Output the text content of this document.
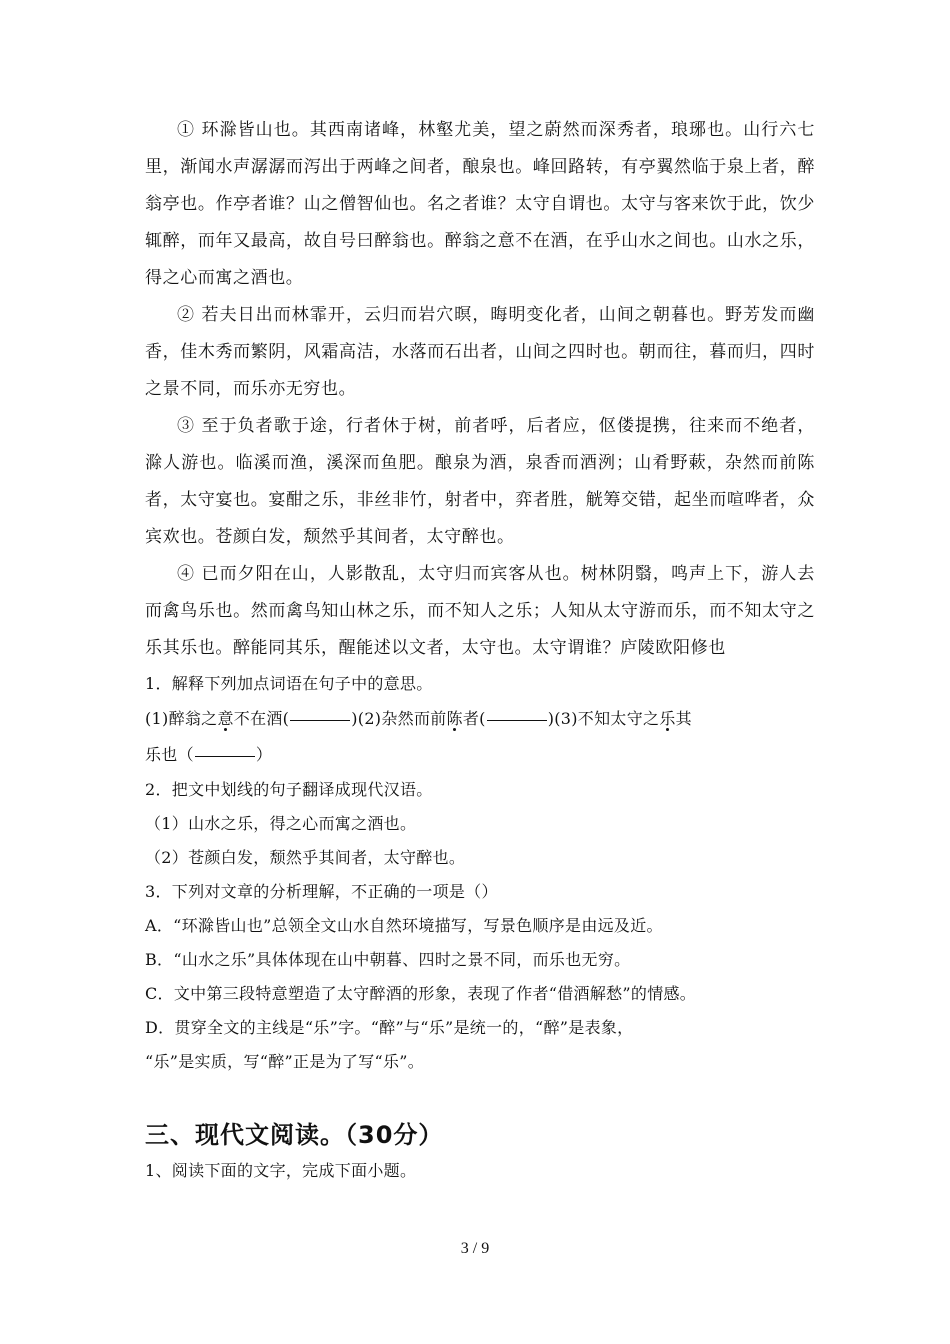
① 环滁皆山也。其西南诸峰，林壑尤美，望之蔚然而深秀者，琅琊也。山行六七里，渐闻水声潺潺而泻出于两峰之间者，酿泉也。峰回路转，有亭翼然临于泉上者，醉翁亭也。作亭者谁？山之僧智仙也。名之者谁？太守自谓也。太守与客来饮于此，饮少辄醉，而年又最高，故自号曰醉翁也。醉翁之意不在酒，在乎山水之间也。山水之乐，得之心而寓之酒也。

② 若夫日出而林霏开，云归而岩穴暝，晦明变化者，山间之朝暮也。野芳发而幽香，佳木秀而繁阴，风霜高洁，水落而石出者，山间之四时也。朝而往，暮而归，四时之景不同，而乐亦无穷也。

③ 至于负者歌于途，行者休于树，前者呼，后者应，伛偻提携，往来而不绝者，滁人游也。临溪而渔，溪深而鱼肥。酿泉为酒，泉香而酒洌；山肴野蔌，杂然而前陈者，太守宴也。宴酣之乐，非丝非竹，射者中，弈者胜，觥筹交错，起坐而喧哗者，众宾欢也。苍颜白发，颓然乎其间者，太守醉也。

④ 已而夕阳在山，人影散乱，太守归而宾客从也。树林阴翳，鸣声上下，游人去而禽鸟乐也。然而禽鸟知山林之乐，而不知人之乐；人知从太守游而乐，而不知太守之乐其乐也。醉能同其乐，醒能述以文者，太守也。太守谓谁？庐陵欧阳修也

1．解释下列加点词语在句子中的意思。

(1)醉翁之意不在酒(	)(2)杂然而前陈者(	)(3)不知太守之乐其
乐也（	）

2．把文中划线的句子翻译成现代汉语。

（1）山水之乐，得之心而寓之酒也。

（2）苍颜白发，颓然乎其间者，太守醉也。

3．下列对文章的分析理解，不正确的一项是（）

A．“环滁皆山也”总领全文山水自然环境描写，写景色顺序是由远及近。

B．“山水之乐”具体体现在山中朝暮、四时之景不同，而乐也无穷。

C．文中第三段特意塑造了太守醉酒的形象，表现了作者“借酒解愁”的情感。

D．贯穿全文的主线是“乐”字。“醉”与“乐”是统一的，“醉”是表象，

“乐”是实质，写“醉”正是为了写“乐”。

三、现代文阅读。（30分）

1、阅读下面的文字，完成下面小题。

3 / 9
